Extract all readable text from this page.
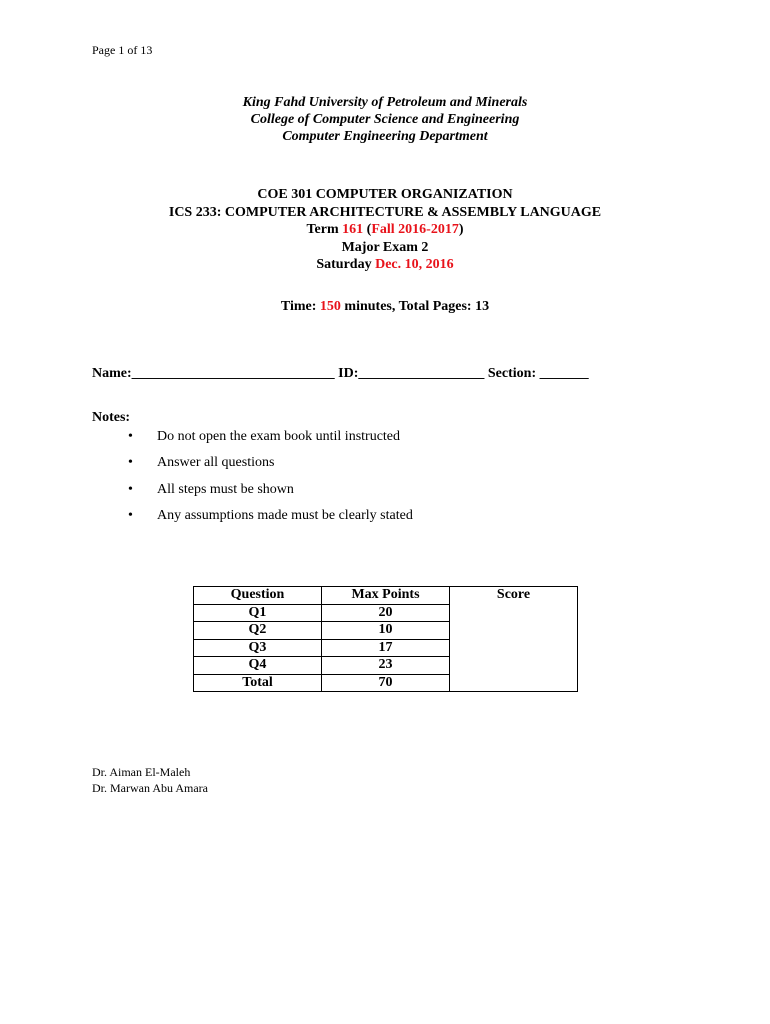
Page 1 of 13
King Fahd University of Petroleum and Minerals
College of Computer Science and Engineering
Computer Engineering Department
COE 301 COMPUTER ORGANIZATION
ICS 233: COMPUTER ARCHITECTURE & ASSEMBLY LANGUAGE
Term 161 (Fall 2016-2017)
Major Exam 2
Saturday Dec. 10, 2016
Time: 150 minutes, Total Pages: 13
Name:_____________________________ ID:__________________ Section: _______
Notes:
• Do not open the exam book until instructed
• Answer all questions
• All steps must be shown
• Any assumptions made must be clearly stated
Question	Max Points	Score
Q1	20	
Q2	10	
Q3	17	
Q4	23	
Total	70	
Dr. Aiman El-Maleh
Dr. Marwan Abu Amara
